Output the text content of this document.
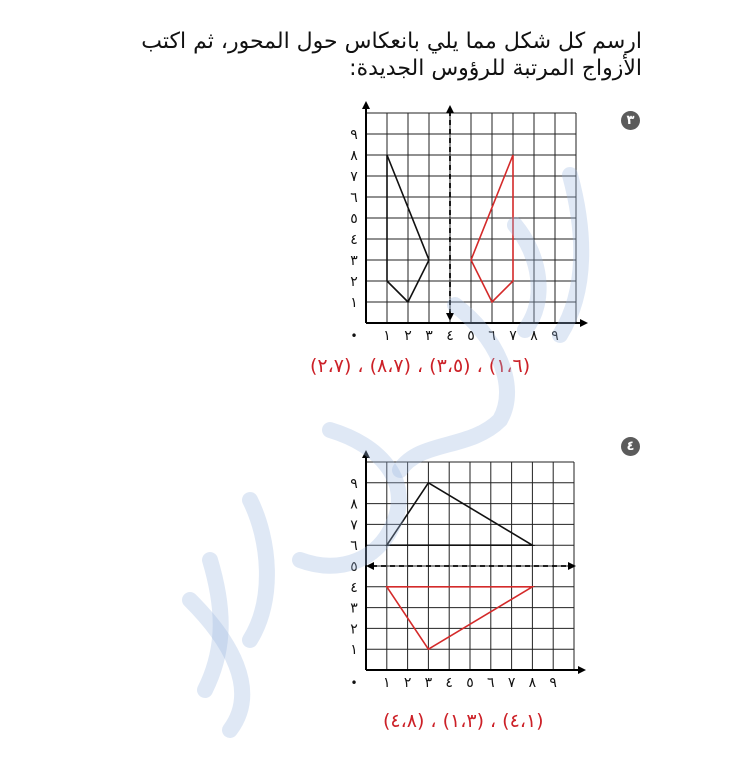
ارسم كل شكل مما يلي بانعكاس حول المحور، ثم اكتب الأزواج المرتبة للرؤوس الجديدة:

٣
١ ٢ ٣ ٤ ٥ ٦ ٧ ٨ ٩
١
٢
٣
٤
٥
٦
٧
٨
٩
•
(١،٦) ، (٣،٥) ، (٨،٧) ، (٢،٧)
٤
١ ٢ ٣ ٤ ٥ ٦ ٧ ٨ ٩
١
٢
٣
٤
٥
٦
٧
٨
٩
•
(٤،١) ، (١،٣) ، (٤،٨)
